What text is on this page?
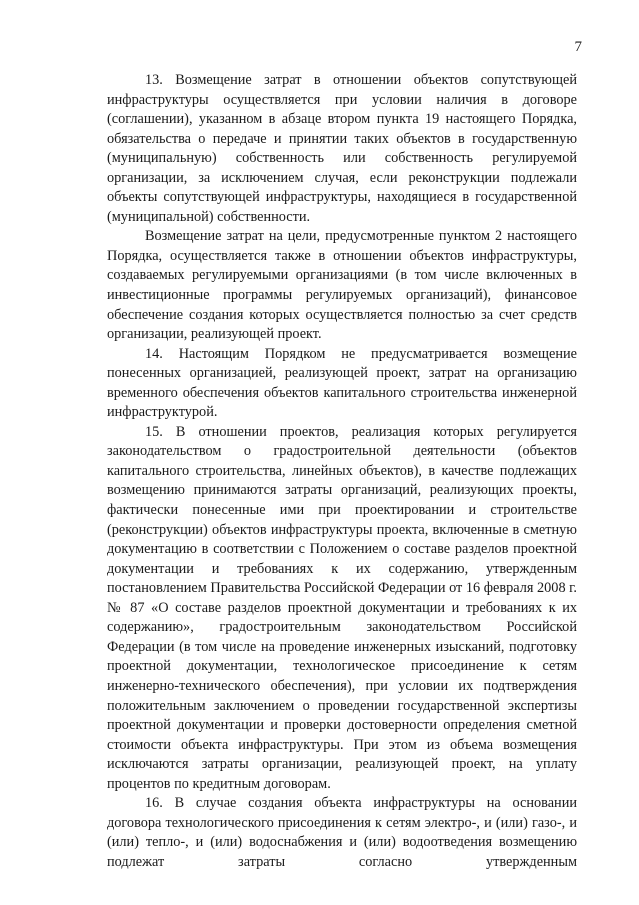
7

13. Возмещение затрат в отношении объектов сопутствующей инфраструктуры осуществляется при условии наличия в договоре (соглашении), указанном в абзаце втором пункта 19 настоящего Порядка, обязательства о передаче и принятии таких объектов в государственную (муниципальную) собственность или собственность регулируемой организации, за исключением случая, если реконструкции подлежали объекты сопутствующей инфраструктуры, находящиеся в государственной (муниципальной) собственности.

Возмещение затрат на цели, предусмотренные пунктом 2 настоящего Порядка, осуществляется также в отношении объектов инфраструктуры, создаваемых регулируемыми организациями (в том числе включенных в инвестиционные программы регулируемых организаций), финансовое обеспечение создания которых осуществляется полностью за счет средств организации, реализующей проект.

14. Настоящим Порядком не предусматривается возмещение понесенных организацией, реализующей проект, затрат на организацию временного обеспечения объектов капитального строительства инженерной инфраструктурой.

15. В отношении проектов, реализация которых регулируется законодательством о градостроительной деятельности (объектов капитального строительства, линейных объектов), в качестве подлежащих возмещению принимаются затраты организаций, реализующих проекты, фактически понесенные ими при проектировании и строительстве (реконструкции) объектов инфраструктуры проекта, включенные в сметную документацию в соответствии с Положением о составе разделов проектной документации и требованиях к их содержанию, утвержденным постановлением Правительства Российской Федерации от 16 февраля 2008 г. № 87 «О составе разделов проектной документации и требованиях к их содержанию», градостроительным законодательством Российской Федерации (в том числе на проведение инженерных изысканий, подготовку проектной документации, технологическое присоединение к сетям инженерно-технического обеспечения), при условии их подтверждения положительным заключением о проведении государственной экспертизы проектной документации и проверки достоверности определения сметной стоимости объекта инфраструктуры. При этом из объема возмещения исключаются затраты организации, реализующей проект, на уплату процентов по кредитным договорам.

16. В случае создания объекта инфраструктуры на основании договора технологического присоединения к сетям электро-, и (или) газо-, и (или) тепло-, и (или) водоснабжения и (или) водоотведения возмещению подлежат затраты согласно утвержденным
